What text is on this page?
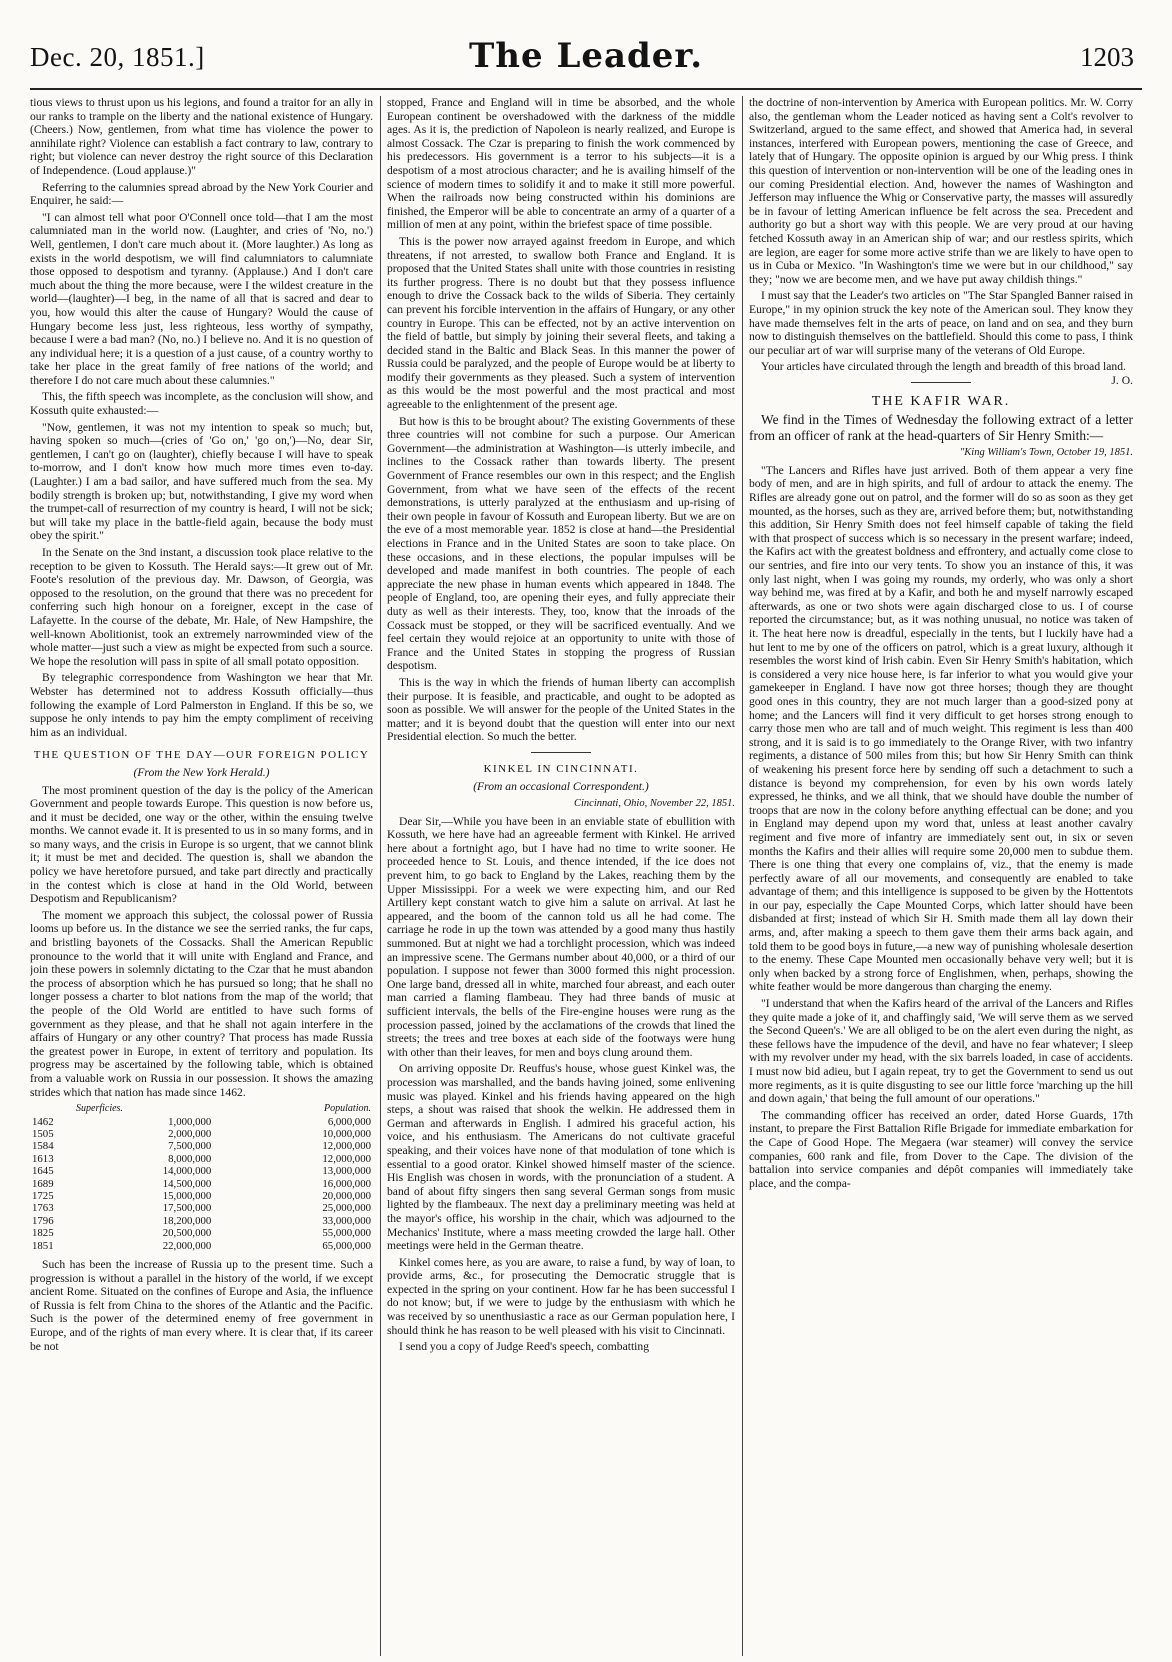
Dec. 20, 1851.]	The Leader.	1203

tious views to thrust upon us his legions, and found a traitor for an ally in our ranks to trample on the liberty and the national existence of Hungary. (Cheers.) Now, gentlemen, from what time has violence the power to annihilate right? Violence can establish a fact contrary to law, contrary to right; but violence can never destroy the right source of this Declaration of Independence. (Loud applause.)"

Referring to the calumnies spread abroad by the New York Courier and Enquirer, he said:—

"I can almost tell what poor O'Connell once told—that I am the most calumniated man in the world now. (Laughter, and cries of 'No, no.') Well, gentlemen, I don't care much about it. (More laughter.) As long as exists in the world despotism, we will find calumniators to calumniate those opposed to despotism and tyranny. (Applause.) And I don't care much about the thing the more because, were I the wildest creature in the world—(laughter)—I beg, in the name of all that is sacred and dear to you, how would this alter the cause of Hungary? Would the cause of Hungary become less just, less righteous, less worthy of sympathy, because I were a bad man? (No, no.) I believe no. And it is no question of any individual here; it is a question of a just cause, of a country worthy to take her place in the great family of free nations of the world; and therefore I do not care much about these calumnies."

This, the fifth speech was incomplete, as the conclusion will show, and Kossuth quite exhausted:—

"Now, gentlemen, it was not my intention to speak so much; but, having spoken so much—(cries of 'Go on,' 'go on,')—No, dear Sir, gentlemen, I can't go on (laughter), chiefly because I will have to speak to-morrow, and I don't know how much more times even to-day. (Laughter.) I am a bad sailor, and have suffered much from the sea. My bodily strength is broken up; but, notwithstanding, I give my word when the trumpet-call of resurrection of my country is heard, I will not be sick; but will take my place in the battle-field again, because the body must obey the spirit."

In the Senate on the 3nd instant, a discussion took place relative to the reception to be given to Kossuth. The Herald says:—It grew out of Mr. Foote's resolution of the previous day. Mr. Dawson, of Georgia, was opposed to the resolution, on the ground that there was no precedent for conferring such high honour on a foreigner, except in the case of Lafayette. In the course of the debate, Mr. Hale, of New Hampshire, the well-known Abolitionist, took an extremely narrowminded view of the whole matter—just such a view as might be expected from such a source. We hope the resolution will pass in spite of all small potato opposition.

By telegraphic correspondence from Washington we hear that Mr. Webster has determined not to address Kossuth officially—thus following the example of Lord Palmerston in England. If this be so, we suppose he only intends to pay him the empty compliment of receiving him as an individual.

THE QUESTION OF THE DAY—OUR FOREIGN POLICY
(From the New York Herald.)

The most prominent question of the day is the policy of the American Government and people towards Europe. This question is now before us, and it must be decided, one way or the other, within the ensuing twelve months. We cannot evade it. It is presented to us in so many forms, and in so many ways, and the crisis in Europe is so urgent, that we cannot blink it; it must be met and decided. The question is, shall we abandon the policy we have heretofore pursued, and take part directly and practically in the contest which is close at hand in the Old World, between Despotism and Republicanism?

The moment we approach this subject, the colossal power of Russia looms up before us. In the distance we see the serried ranks, the fur caps, and bristling bayonets of the Cossacks. Shall the American Republic pronounce to the world that it will unite with England and France, and join these powers in solemnly dictating to the Czar that he must abandon the process of absorption which he has pursued so long; that he shall no longer possess a charter to blot nations from the map of the world; that the people of the Old World are entitled to have such forms of government as they please, and that he shall not again interfere in the affairs of Hungary or any other country? That process has made Russia the greatest power in Europe, in extent of territory and population. Its progress may be ascertained by the following table, which is obtained from a valuable work on Russia in our possession. It shows the amazing strides which that nation has made since 1462.

	Superficies.		Population.
1462	1,000,000		6,000,000
1505	2,000,000		10,000,000
1584	7,500,000		12,000,000
1613	8,000,000		12,000,000
1645	14,000,000		13,000,000
1689	14,500,000		16,000,000
1725	15,000,000		20,000,000
1763	17,500,000		25,000,000
1796	18,200,000		33,000,000
1825	20,500,000		55,000,000
1851	22,000,000		65,000,000

Such has been the increase of Russia up to the present time. Such a progression is without a parallel in the history of the world, if we except ancient Rome. Situated on the confines of Europe and Asia, the influence of Russia is felt from China to the shores of the Atlantic and the Pacific. Such is the power of the determined enemy of free government in Europe, and of the rights of man every where. It is clear that, if its career be not

stopped, France and England will in time be absorbed, and the whole European continent be overshadowed with the darkness of the middle ages. As it is, the prediction of Napoleon is nearly realized, and Europe is almost Cossack. The Czar is preparing to finish the work commenced by his predecessors. His government is a terror to his subjects—it is a despotism of a most atrocious character; and he is availing himself of the science of modern times to solidify it and to make it still more powerful. When the railroads now being constructed within his dominions are finished, the Emperor will be able to concentrate an army of a quarter of a million of men at any point, within the briefest space of time possible.

This is the power now arrayed against freedom in Europe, and which threatens, if not arrested, to swallow both France and England. It is proposed that the United States shall unite with those countries in resisting its further progress. There is no doubt but that they possess influence enough to drive the Cossack back to the wilds of Siberia. They certainly can prevent his forcible intervention in the affairs of Hungary, or any other country in Europe. This can be effected, not by an active intervention on the field of battle, but simply by joining their several fleets, and taking a decided stand in the Baltic and Black Seas. In this manner the power of Russia could be paralyzed, and the people of Europe would be at liberty to modify their governments as they pleased. Such a system of intervention as this would be the most powerful and the most practical and most agreeable to the enlightenment of the present age.

But how is this to be brought about? The existing Governments of these three countries will not combine for such a purpose. Our American Government—the administration at Washington—is utterly imbecile, and inclines to the Cossack rather than towards liberty. The present Government of France resembles our own in this respect; and the English Government, from what we have seen of the effects of the recent demonstrations, is utterly paralyzed at the enthusiasm and up-rising of their own people in favour of Kossuth and European liberty. But we are on the eve of a most memorable year. 1852 is close at hand—the Presidential elections in France and in the United States are soon to take place. On these occasions, and in these elections, the popular impulses will be developed and made manifest in both countries. The people of each appreciate the new phase in human events which appeared in 1848. The people of England, too, are opening their eyes, and fully appreciate their duty as well as their interests. They, too, know that the inroads of the Cossack must be stopped, or they will be sacrificed eventually. And we feel certain they would rejoice at an opportunity to unite with those of France and the United States in stopping the progress of Russian despotism.

This is the way in which the friends of human liberty can accomplish their purpose. It is feasible, and practicable, and ought to be adopted as soon as possible. We will answer for the people of the United States in the matter; and it is beyond doubt that the question will enter into our next Presidential election. So much the better.

KINKEL IN CINCINNATI.
(From an occasional Correspondent.)
Cincinnati, Ohio, November 22, 1851.

Dear Sir,—While you have been in an enviable state of ebullition with Kossuth, we here have had an agreeable ferment with Kinkel. He arrived here about a fortnight ago, but I have had no time to write sooner. He proceeded hence to St. Louis, and thence intended, if the ice does not prevent him, to go back to England by the Lakes, reaching them by the Upper Mississippi. For a week we were expecting him, and our Red Artillery kept constant watch to give him a salute on arrival. At last he appeared, and the boom of the cannon told us all he had come. The carriage he rode in up the town was attended by a good many thus hastily summoned. But at night we had a torchlight procession, which was indeed an impressive scene. The Germans number about 40,000, or a third of our population. I suppose not fewer than 3000 formed this night procession. One large band, dressed all in white, marched four abreast, and each outer man carried a flaming flambeau. They had three bands of music at sufficient intervals, the bells of the Fire-engine houses were rung as the procession passed, joined by the acclamations of the crowds that lined the streets; the trees and tree boxes at each side of the footways were hung with other than their leaves, for men and boys clung around them.

On arriving opposite Dr. Reuffus's house, whose guest Kinkel was, the procession was marshalled, and the bands having joined, some enlivening music was played. Kinkel and his friends having appeared on the high steps, a shout was raised that shook the welkin. He addressed them in German and afterwards in English. I admired his graceful action, his voice, and his enthusiasm. The Americans do not cultivate graceful speaking, and their voices have none of that modulation of tone which is essential to a good orator. Kinkel showed himself master of the science. His English was chosen in words, with the pronunciation of a student. A band of about fifty singers then sang several German songs from music lighted by the flambeaux. The next day a preliminary meeting was held at the mayor's office, his worship in the chair, which was adjourned to the Mechanics' Institute, where a mass meeting crowded the large hall. Other meetings were held in the German theatre.

Kinkel comes here, as you are aware, to raise a fund, by way of loan, to provide arms, &c., for prosecuting the Democratic struggle that is expected in the spring on your continent. How far he has been successful I do not know; but, if we were to judge by the enthusiasm with which he was received by so unenthusiastic a race as our German population here, I should think he has reason to be well pleased with his visit to Cincinnati.

I send you a copy of Judge Reed's speech, combatting

the doctrine of non-intervention by America with European politics. Mr. W. Corry also, the gentleman whom the Leader noticed as having sent a Colt's revolver to Switzerland, argued to the same effect, and showed that America had, in several instances, interfered with European powers, mentioning the case of Greece, and lately that of Hungary. The opposite opinion is argued by our Whig press. I think this question of intervention or non-intervention will be one of the leading ones in our coming Presidential election. And, however the names of Washington and Jefferson may influence the Whig or Conservative party, the masses will assuredly be in favour of letting American influence be felt across the sea. Precedent and authority go but a short way with this people. We are very proud at our having fetched Kossuth away in an American ship of war; and our restless spirits, which are legion, are eager for some more active strife than we are likely to have open to us in Cuba or Mexico. "In Washington's time we were but in our childhood," say they; "now we are become men, and we have put away childish things."

I must say that the Leader's two articles on "The Star Spangled Banner raised in Europe," in my opinion struck the key note of the American soul. They know they have made themselves felt in the arts of peace, on land and on sea, and they burn now to distinguish themselves on the battlefield. Should this come to pass, I think our peculiar art of war will surprise many of the veterans of Old Europe.

Your articles have circulated through the length and breadth of this broad land.
J. O.

THE KAFIR WAR.

We find in the Times of Wednesday the following extract of a letter from an officer of rank at the head-quarters of Sir Henry Smith:—

"King William's Town, October 19, 1851.

"The Lancers and Rifles have just arrived. Both of them appear a very fine body of men, and are in high spirits, and full of ardour to attack the enemy. The Rifles are already gone out on patrol, and the former will do so as soon as they get mounted, as the horses, such as they are, arrived before them; but, notwithstanding this addition, Sir Henry Smith does not feel himself capable of taking the field with that prospect of success which is so necessary in the present warfare; indeed, the Kafirs act with the greatest boldness and effrontery, and actually come close to our sentries, and fire into our very tents. To show you an instance of this, it was only last night, when I was going my rounds, my orderly, who was only a short way behind me, was fired at by a Kafir, and both he and myself narrowly escaped afterwards, as one or two shots were again discharged close to us. I of course reported the circumstance; but, as it was nothing unusual, no notice was taken of it. The heat here now is dreadful, especially in the tents, but I luckily have had a hut lent to me by one of the officers on patrol, which is a great luxury, although it resembles the worst kind of Irish cabin. Even Sir Henry Smith's habitation, which is considered a very nice house here, is far inferior to what you would give your gamekeeper in England. I have now got three horses; though they are thought good ones in this country, they are not much larger than a good-sized pony at home; and the Lancers will find it very difficult to get horses strong enough to carry those men who are tall and of much weight. This regiment is less than 400 strong, and it is said is to go immediately to the Orange River, with two infantry regiments, a distance of 500 miles from this; but how Sir Henry Smith can think of weakening his present force here by sending off such a detachment to such a distance is beyond my comprehension, for even by his own words lately expressed, he thinks, and we all think, that we should have double the number of troops that are now in the colony before anything effectual can be done; and you in England may depend upon my word that, unless at least another cavalry regiment and five more of infantry are immediately sent out, in six or seven months the Kafirs and their allies will require some 20,000 men to subdue them. There is one thing that every one complains of, viz., that the enemy is made perfectly aware of all our movements, and consequently are enabled to take advantage of them; and this intelligence is supposed to be given by the Hottentots in our pay, especially the Cape Mounted Corps, which latter should have been disbanded at first; instead of which Sir H. Smith made them all lay down their arms, and, after making a speech to them gave them their arms back again, and told them to be good boys in future,—a new way of punishing wholesale desertion to the enemy. These Cape Mounted men occasionally behave very well; but it is only when backed by a strong force of Englishmen, when, perhaps, showing the white feather would be more dangerous than charging the enemy.

"I understand that when the Kafirs heard of the arrival of the Lancers and Rifles they quite made a joke of it, and chaffingly said, 'We will serve them as we served the Second Queen's.' We are all obliged to be on the alert even during the night, as these fellows have the impudence of the devil, and have no fear whatever; I sleep with my revolver under my head, with the six barrels loaded, in case of accidents. I must now bid adieu, but I again repeat, try to get the Government to send us out more regiments, as it is quite disgusting to see our little force 'marching up the hill and down again,' that being the full amount of our operations."

The commanding officer has received an order, dated Horse Guards, 17th instant, to prepare the First Battalion Rifle Brigade for immediate embarkation for the Cape of Good Hope. The Megaera (war steamer) will convey the service companies, 600 rank and file, from Dover to the Cape. The division of the battalion into service companies and dépôt companies will immediately take place, and the compa-
